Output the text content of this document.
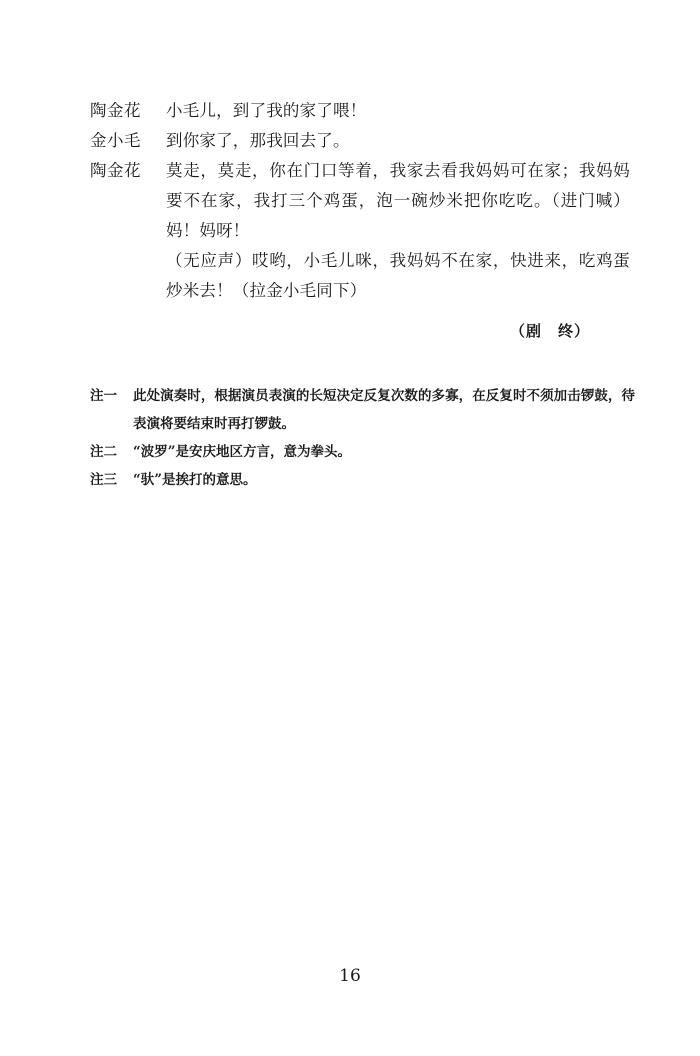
陶金花	小毛儿，到了我的家了喂！

金小毛	到你家了，那我回去了。

陶金花	莫走，莫走，你在门口等着，我家去看我妈妈可在家；我妈妈要不在家，我打三个鸡蛋，泡一碗炒米把你吃吃。（进门喊）妈！妈呀！

（无应声）哎哟，小毛儿咪，我妈妈不在家，快进来，吃鸡蛋炒米去！（拉金小毛同下）

（剧　终）
注一	此处演奏时，根据演员表演的长短决定反复次数的多寡，在反复时不须加击锣鼓，待表演将要结束时再打锣鼓。
注二	“波罗”是安庆地区方言，意为拳头。
注三	“驮”是挨打的意思。
16
